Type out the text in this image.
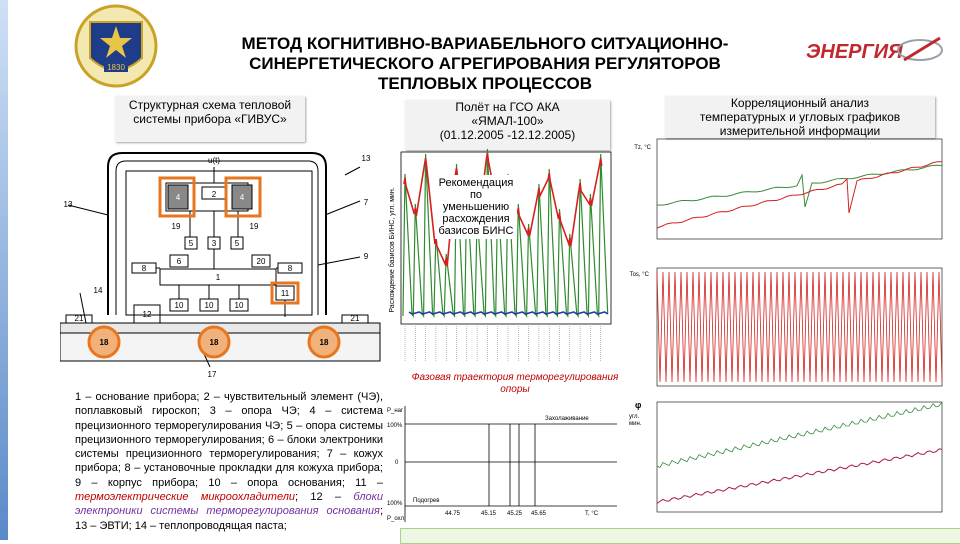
1830
МЕТОД КОГНИТИВНО-ВАРИАБЕЛЬНОГО СИТУАЦИОННО-
СИНЕРГЕТИЧЕСКОГО АГРЕГИРОВАНИЯ РЕГУЛЯТОРОВ
ТЕПЛОВЫХ ПРОЦЕССОВ
ЭНЕРГИЯ
Структурная схема тепловой
системы прибора «ГИВУС»
Полёт на ГСО АКА
«ЯМАЛ-100»
(01.12.2005 -12.12.2005)
Корреляционный анализ
температурных и угловых графиков
измерительной информации
u(t)
2
4	4
5 3 5
8	8
6	20
1
10	10	10
11
12
19	19
13
13	7
9
14
21	21
17
18	18	18
1 – основание прибора; 2 – чувствительный элемент (ЧЭ), поплавковый гироскоп; 3 – опора ЧЭ; 4 – система прецизионного терморегулирования ЧЭ; 5 – опора системы прецизионного терморегулирования; 6 – блоки электроники системы прецизионного терморегулирования; 7 – кожух прибора; 8 – установочные прокладки для кожуха прибора; 9 – корпус прибора; 10 – опора основания; 11 – термоэлектрические микроохладители; 12 – блоки электроники системы терморегулирования основания; 13 – ЭВТИ; 14 – теплопроводящая паста;
Расхождение базисов БИНС, угл. мин.
Рекомендация
по
уменьшению
расхождения
базисов БИНС
Фазовая траектория терморегулирования
опоры
P_наг
P_охл
100%
100%
0
Захолаживание
Подогрев
44.75	45.15 45.25 45.65	T, °C
Tz, °C
Tos, °C
φ
угл.
мин.
